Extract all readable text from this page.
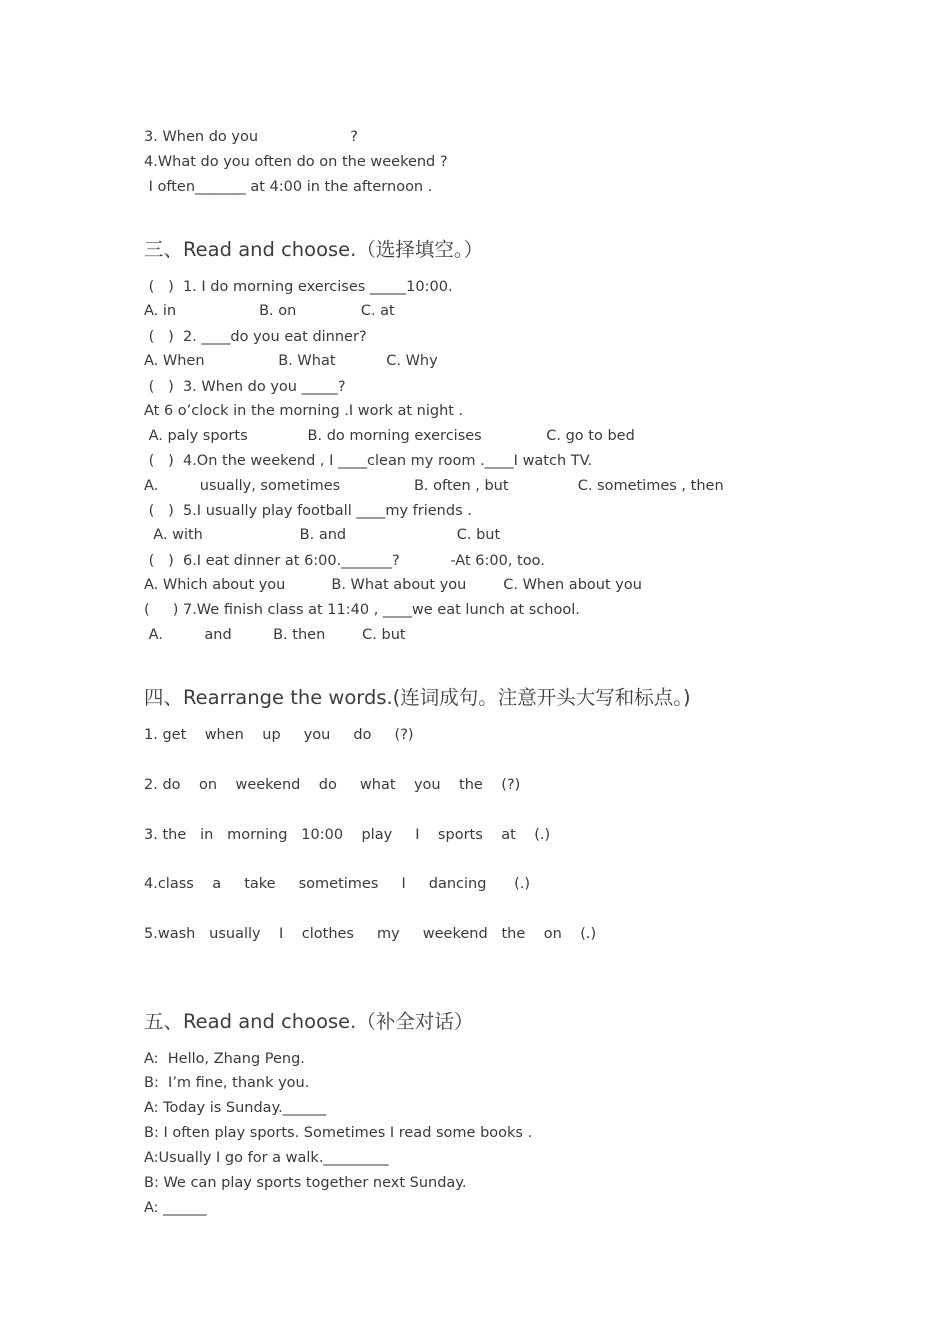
3. When do you                    ?
4.What do you often do on the weekend ?
I often_______ at 4:00 in the afternoon .
三、Read and choose.（选择填空。）
(   )  1. I do morning exercises _____10:00.
A. in                  B. on              C. at
(   )  2. ____do you eat dinner?
A. When                B. What           C. Why
(   )  3. When do you _____?
At 6 o’clock in the morning .I work at night .
A. paly sports             B. do morning exercises              C. go to bed
(   )  4.On the weekend , I ____clean my room .____I watch TV.
A.         usually, sometimes                B. often , but               C. sometimes , then
(   )  5.I usually play football ____my friends .
A. with                     B. and                        C. but
(   )  6.I eat dinner at 6:00._______?           -At 6:00, too.
A. Which about you          B. What about you        C. When about you
(     ) 7.We finish class at 11:40 , ____we eat lunch at school.
A.         and         B. then        C. but
四、Rearrange the words.(连词成句。注意开头大写和标点。)
1. get    when    up     you     do     (?)
2. do    on    weekend    do     what    you    the    (?)
3. the   in   morning   10:00    play     I    sports    at    (.)
4.class    a     take     sometimes     I     dancing      (.)
5.wash   usually    I    clothes     my     weekend   the    on    (.)
五、Read and choose.（补全对话）
A:  Hello, Zhang Peng.
B:  I’m fine, thank you.
A: Today is Sunday.______
B: I often play sports. Sometimes I read some books .
A:Usually I go for a walk._________
B: We can play sports together next Sunday.
A: ______
